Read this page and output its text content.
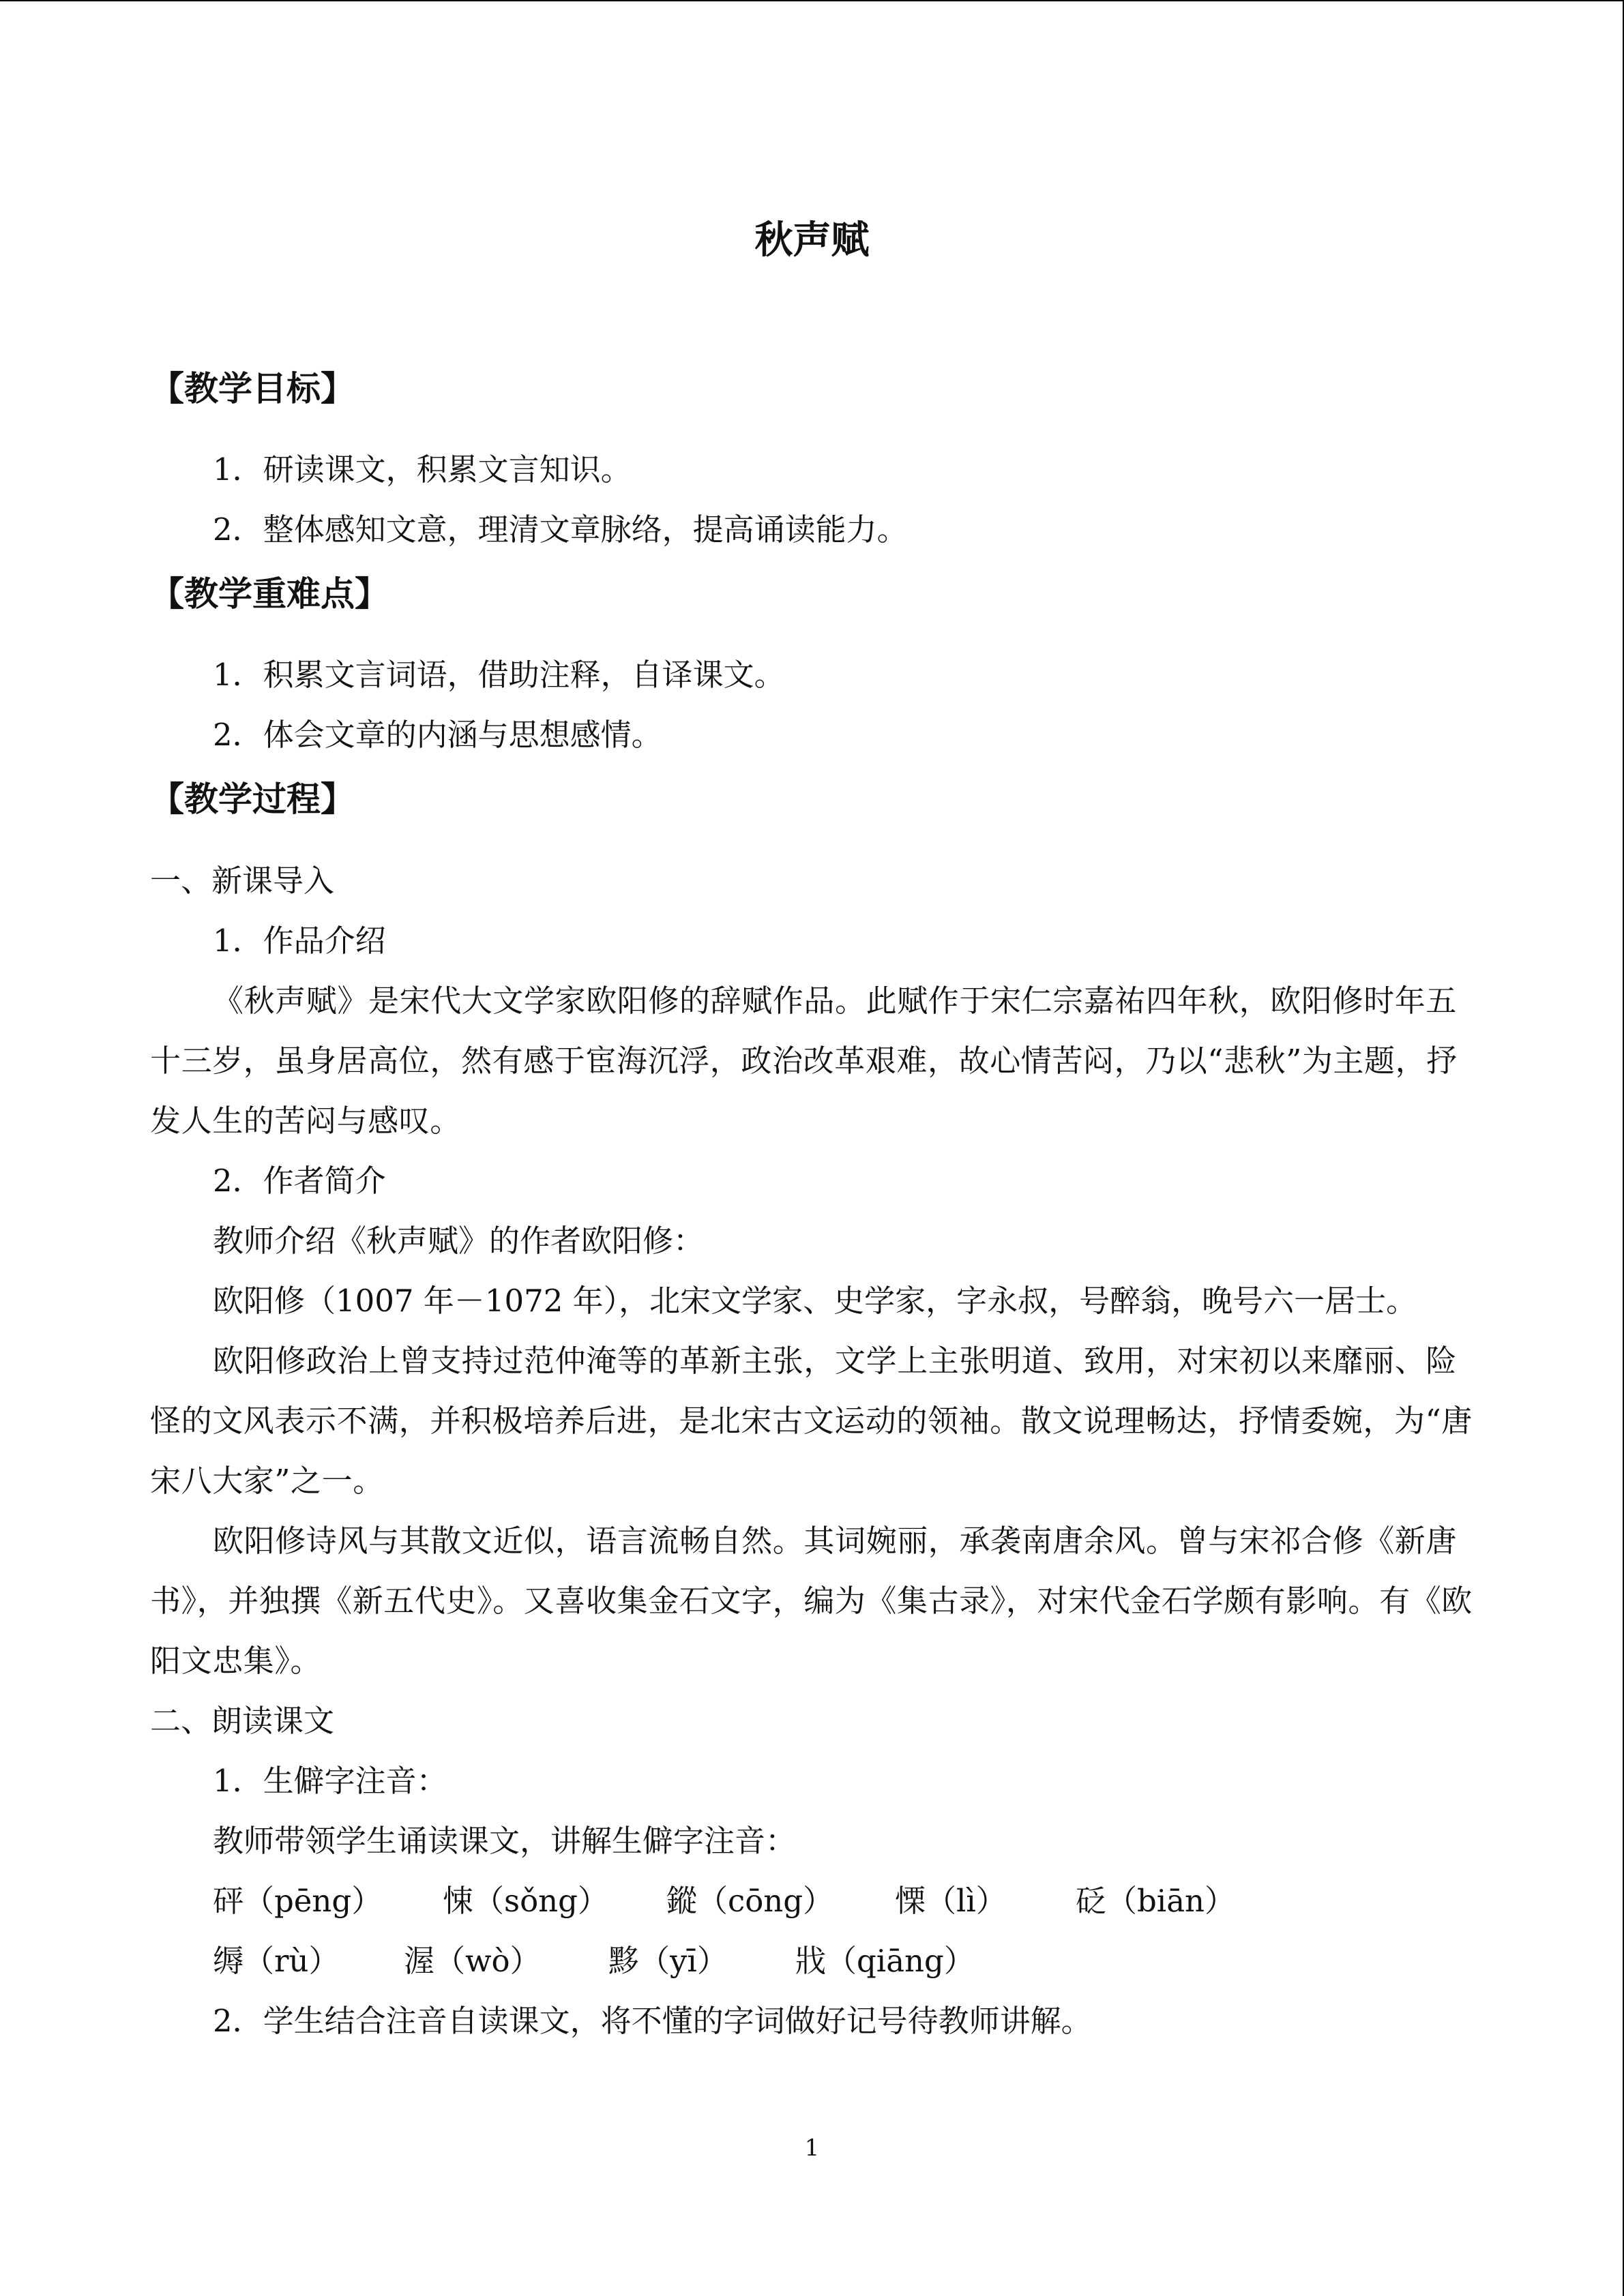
秋声赋
【教学目标】
1．研读课文，积累文言知识。
2．整体感知文意，理清文章脉络，提高诵读能力。
【教学重难点】
1．积累文言词语，借助注释，自译课文。
2．体会文章的内涵与思想感情。
【教学过程】
一、新课导入
1．作品介绍
《秋声赋》是宋代大文学家欧阳修的辞赋作品。此赋作于宋仁宗嘉祐四年秋，欧阳修时年五十三岁，虽身居高位，然有感于宦海沉浮，政治改革艰难，故心情苦闷，乃以“悲秋”为主题，抒发人生的苦闷与感叹。
2．作者简介
教师介绍《秋声赋》的作者欧阳修：
欧阳修（1007 年－1072 年），北宋文学家、史学家，字永叔，号醉翁，晚号六一居士。
欧阳修政治上曾支持过范仲淹等的革新主张，文学上主张明道、致用，对宋初以来靡丽、险怪的文风表示不满，并积极培养后进，是北宋古文运动的领袖。散文说理畅达，抒情委婉，为“唐宋八大家”之一。
欧阳修诗风与其散文近似，语言流畅自然。其词婉丽，承袭南唐余风。曾与宋祁合修《新唐书》，并独撰《新五代史》。又喜收集金石文字，编为《集古录》，对宋代金石学颇有影响。有《欧阳文忠集》。
二、朗读课文
1．生僻字注音：
教师带领学生诵读课文，讲解生僻字注音：
砰（pēng） 悚（sǒng） 鏦（cōng） 慄（lì） 砭（biān）
缛（rù） 渥（wò） 黟（yī） 戕（qiāng）
2．学生结合注音自读课文，将不懂的字词做好记号待教师讲解。
1
